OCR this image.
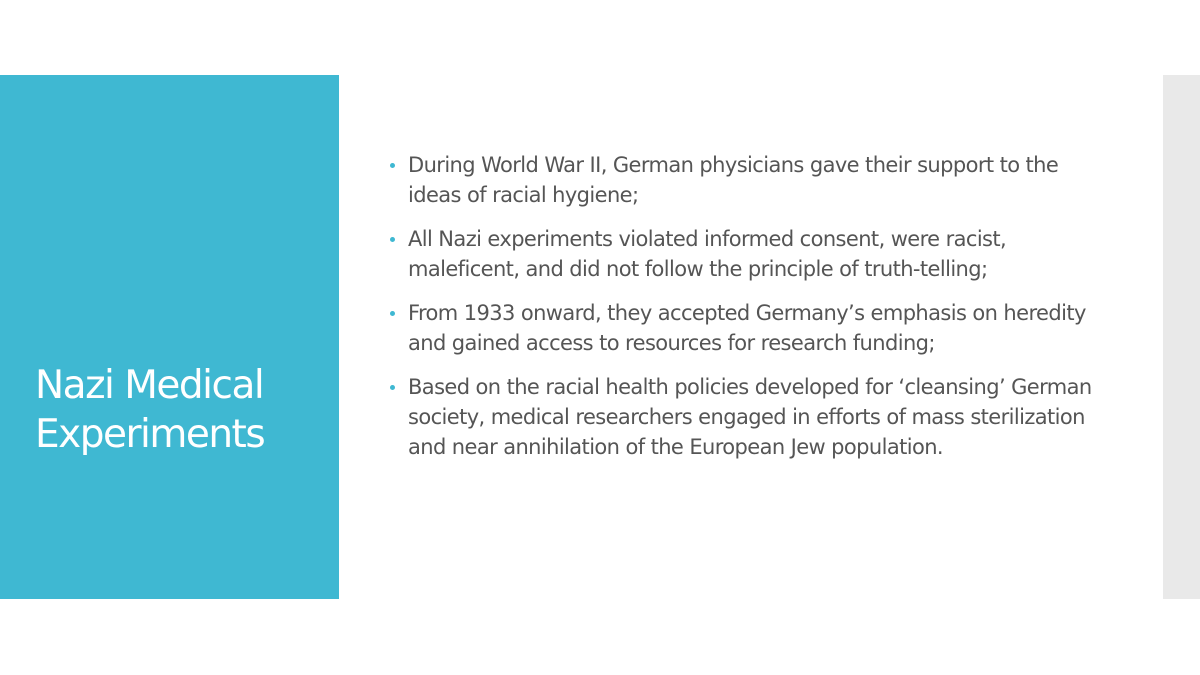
Nazi Medical Experiments
During World War II, German physicians gave their support to the ideas of racial hygiene;
All Nazi experiments violated informed consent, were racist, maleficent, and did not follow the principle of truth-telling;
From 1933 onward, they accepted Germany’s emphasis on heredity and gained access to resources for research funding;
Based on the racial health policies developed for ‘cleansing’ German society, medical researchers engaged in efforts of mass sterilization and near annihilation of the European Jew population.
